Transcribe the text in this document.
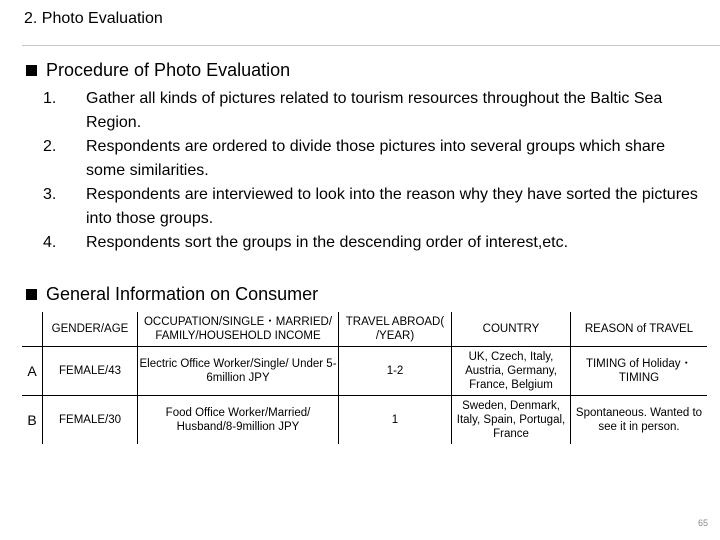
2. Photo Evaluation
Procedure of Photo Evaluation
1.	Gather all kinds of pictures related to tourism resources throughout the Baltic Sea Region.
2.	Respondents are ordered to divide those pictures into several groups which share some similarities.
3.	Respondents are interviewed to look into the reason why they have sorted the pictures into those groups.
4.	Respondents sort the groups in the descending order of interest,etc.
General Information on Consumer
	GENDER/AGE	OCCUPATION/SINGLE・MARRIED/ FAMILY/HOUSEHOLD INCOME	TRAVEL ABROAD( /YEAR)	COUNTRY	REASON of TRAVEL
A	FEMALE/43	Electric Office Worker/Single/ Under 5-6million JPY	1-2	UK, Czech, Italy, Austria, Germany, France, Belgium	TIMING of Holiday・ TIMING
B	FEMALE/30	Food Office Worker/Married/ Husband/8-9million JPY	1	Sweden, Denmark, Italy, Spain, Portugal, France	Spontaneous. Wanted to see it in person.
65
